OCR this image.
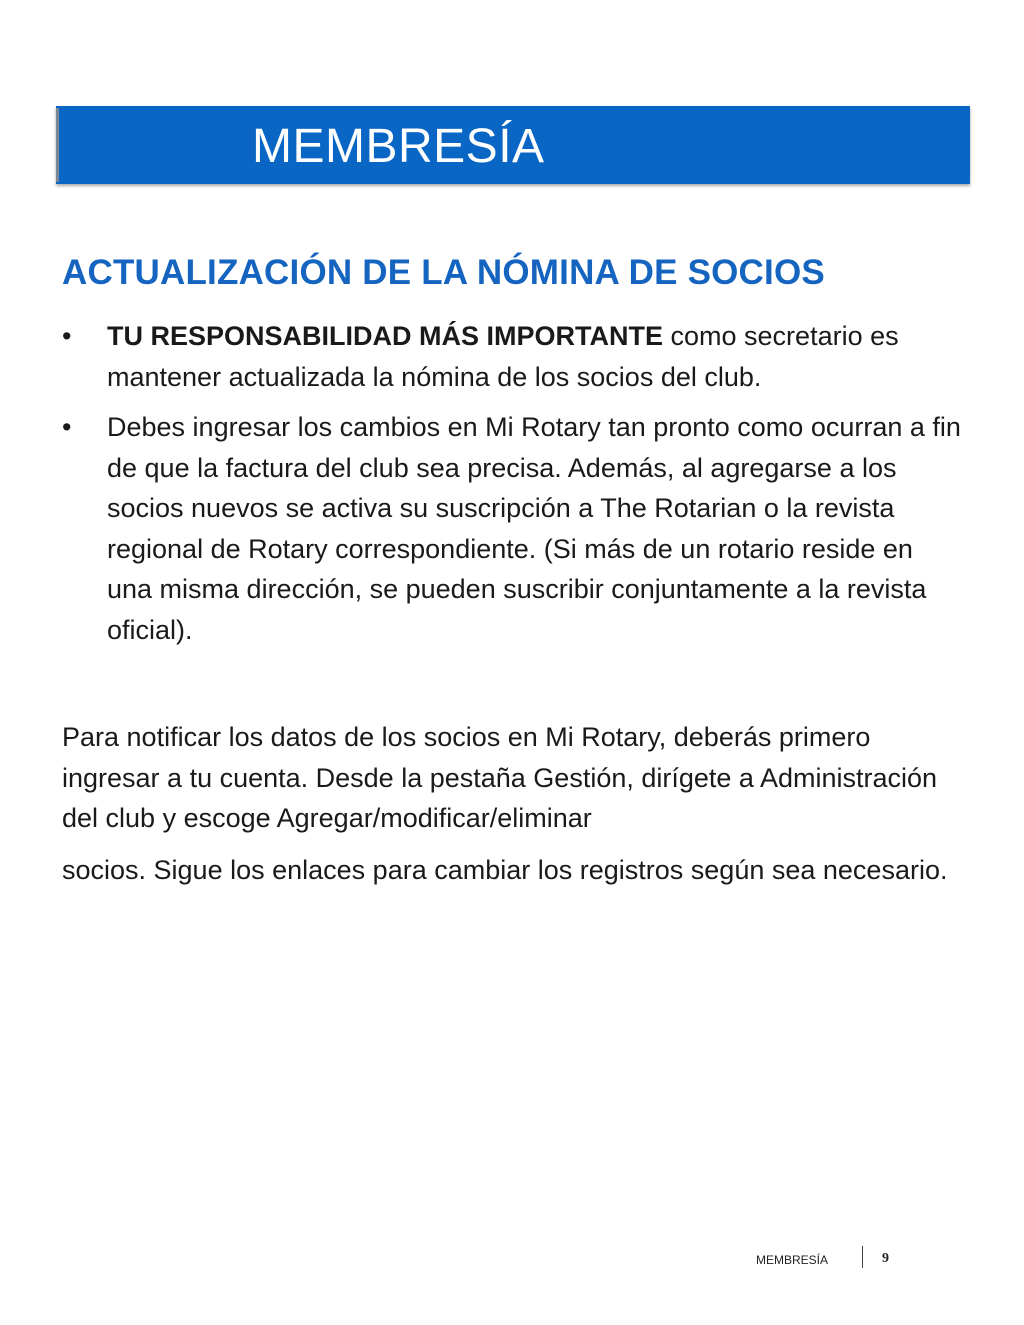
MEMBRESÍA
ACTUALIZACIÓN DE LA NÓMINA DE SOCIOS
• TU RESPONSABILIDAD MÁS IMPORTANTE como secretario es mantener actualizada la nómina de los socios del club.
• Debes ingresar los cambios en Mi Rotary tan pronto como ocurran a fin de que la factura del club sea precisa. Además, al agregarse a los socios nuevos se activa su suscripción a The Rotarian o la revista regional de Rotary correspondiente. (Si más de un rotario reside en una misma dirección, se pueden suscribir conjuntamente a la revista oficial).

Para notificar los datos de los socios en Mi Rotary, deberás primero ingresar a tu cuenta. Desde la pestaña Gestión, dirígete a Administración del club y escoge Agregar/modificar/eliminar

socios. Sigue los enlaces para cambiar los registros según sea necesario.

MEMBRESÍA	9
